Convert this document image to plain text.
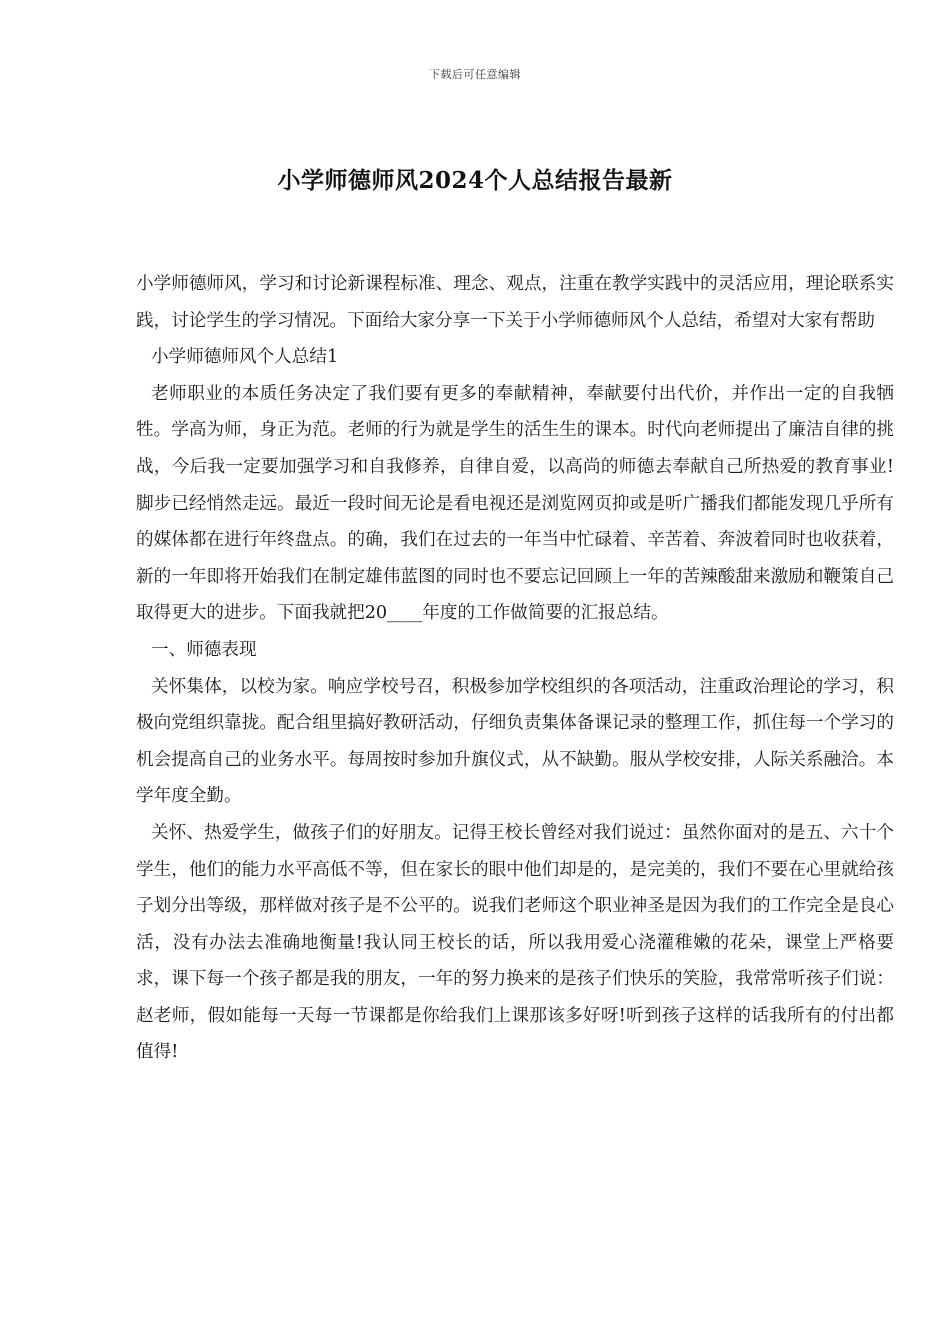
下载后可任意编辑
小学师德师风2024个人总结报告最新

小学师德师风，学习和讨论新课程标准、理念、观点，注重在教学实践中的灵活应用，理论联系实践，讨论学生的学习情况。下面给大家分享一下关于小学师德师风个人总结，希望对大家有帮助

小学师德师风个人总结1

老师职业的本质任务决定了我们要有更多的奉献精神，奉献要付出代价，并作出一定的自我牺牲。学高为师，身正为范。老师的行为就是学生的活生生的课本。时代向老师提出了廉洁自律的挑战，今后我一定要加强学习和自我修养，自律自爱，以高尚的师德去奉献自己所热爱的教育事业!脚步已经悄然走远。最近一段时间无论是看电视还是浏览网页抑或是听广播我们都能发现几乎所有的媒体都在进行年终盘点。的确，我们在过去的一年当中忙碌着、辛苦着、奔波着同时也收获着，新的一年即将开始我们在制定雄伟蓝图的同时也不要忘记回顾上一年的苦辣酸甜来激励和鞭策自己取得更大的进步。下面我就把20____年度的工作做简要的汇报总结。

一、师德表现

关怀集体，以校为家。响应学校号召，积极参加学校组织的各项活动，注重政治理论的学习，积极向党组织靠拢。配合组里搞好教研活动，仔细负责集体备课记录的整理工作，抓住每一个学习的机会提高自己的业务水平。每周按时参加升旗仪式，从不缺勤。服从学校安排，人际关系融洽。本学年度全勤。

关怀、热爱学生，做孩子们的好朋友。记得王校长曾经对我们说过：虽然你面对的是五、六十个学生，他们的能力水平高低不等，但在家长的眼中他们却是的，是完美的，我们不要在心里就给孩子划分出等级，那样做对孩子是不公平的。说我们老师这个职业神圣是因为我们的工作完全是良心活，没有办法去准确地衡量!我认同王校长的话，所以我用爱心浇灌稚嫩的花朵，课堂上严格要求，课下每一个孩子都是我的朋友，一年的努力换来的是孩子们快乐的笑脸，我常常听孩子们说：赵老师，假如能每一天每一节课都是你给我们上课那该多好呀!听到孩子这样的话我所有的付出都值得!
